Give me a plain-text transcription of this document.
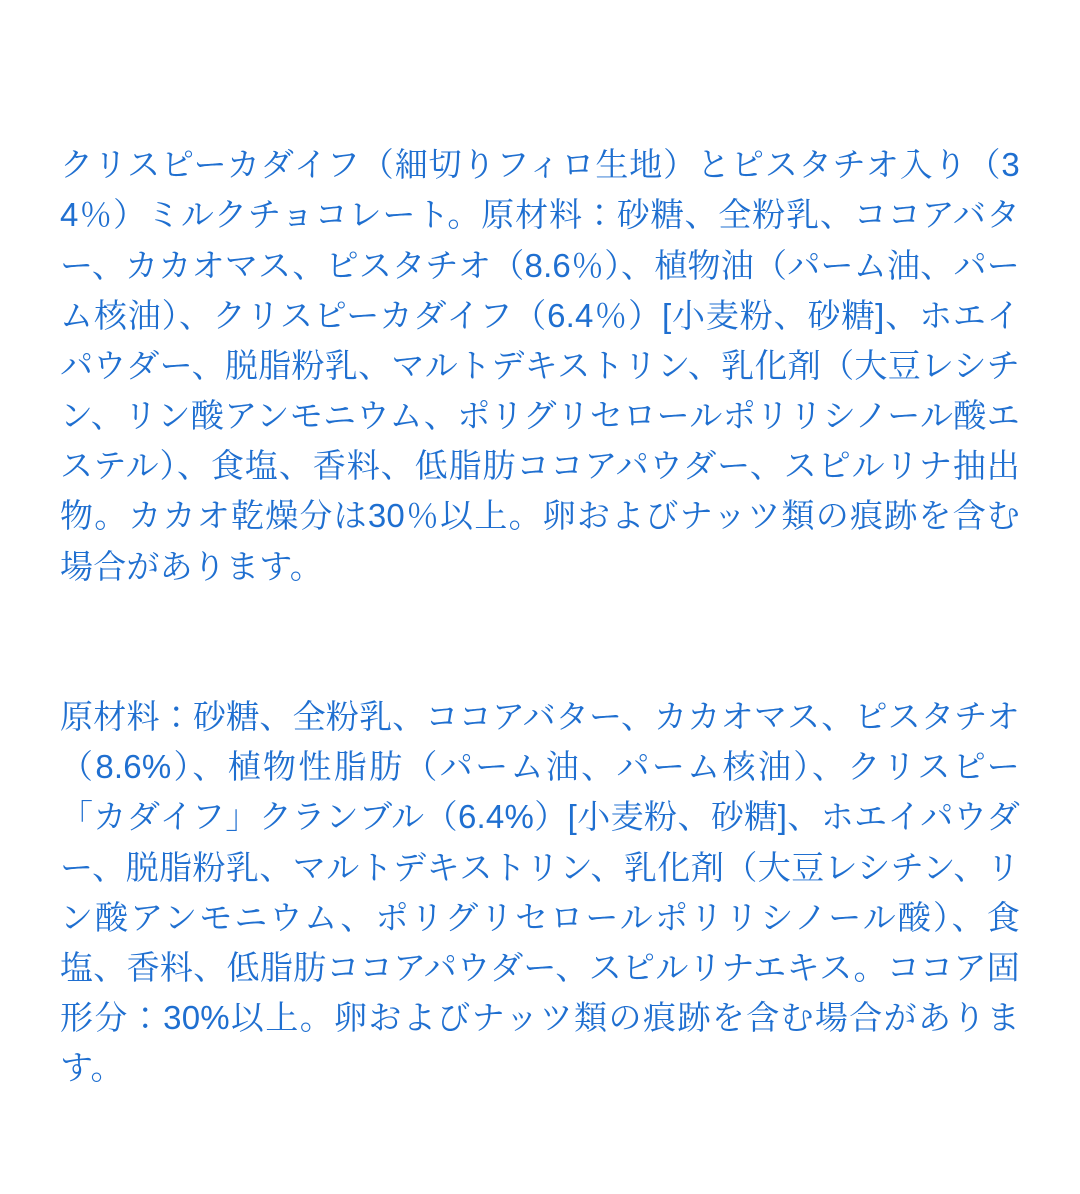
クリスピーカダイフ（細切りフィロ生地）とピスタチオ入り（34％）ミルクチョコレート。原材料：砂糖、全粉乳、ココアバター、カカオマス、ピスタチオ（8.6％）、植物油（パーム油、パーム核油）、クリスピーカダイフ（6.4％）[小麦粉、砂糖]、ホエイパウダー、脱脂粉乳、マルトデキストリン、乳化剤（大豆レシチン、リン酸アンモニウム、ポリグリセロールポリリシノール酸エステル）、食塩、香料、低脂肪ココアパウダー、スピルリナ抽出物。カカオ乾燥分は30％以上。卵およびナッツ類の痕跡を含む場合があります。

原材料：砂糖、全粉乳、ココアバター、カカオマス、ピスタチオ（8.6%）、植物性脂肪（パーム油、パーム核油）、クリスピー「カダイフ」クランブル（6.4%）[小麦粉、砂糖]、ホエイパウダー、脱脂粉乳、マルトデキストリン、乳化剤（大豆レシチン、リン酸アンモニウム、ポリグリセロールポリリシノール酸）、食塩、香料、低脂肪ココアパウダー、スピルリナエキス。ココア固形分：30%以上。卵およびナッツ類の痕跡を含む場合があります。
